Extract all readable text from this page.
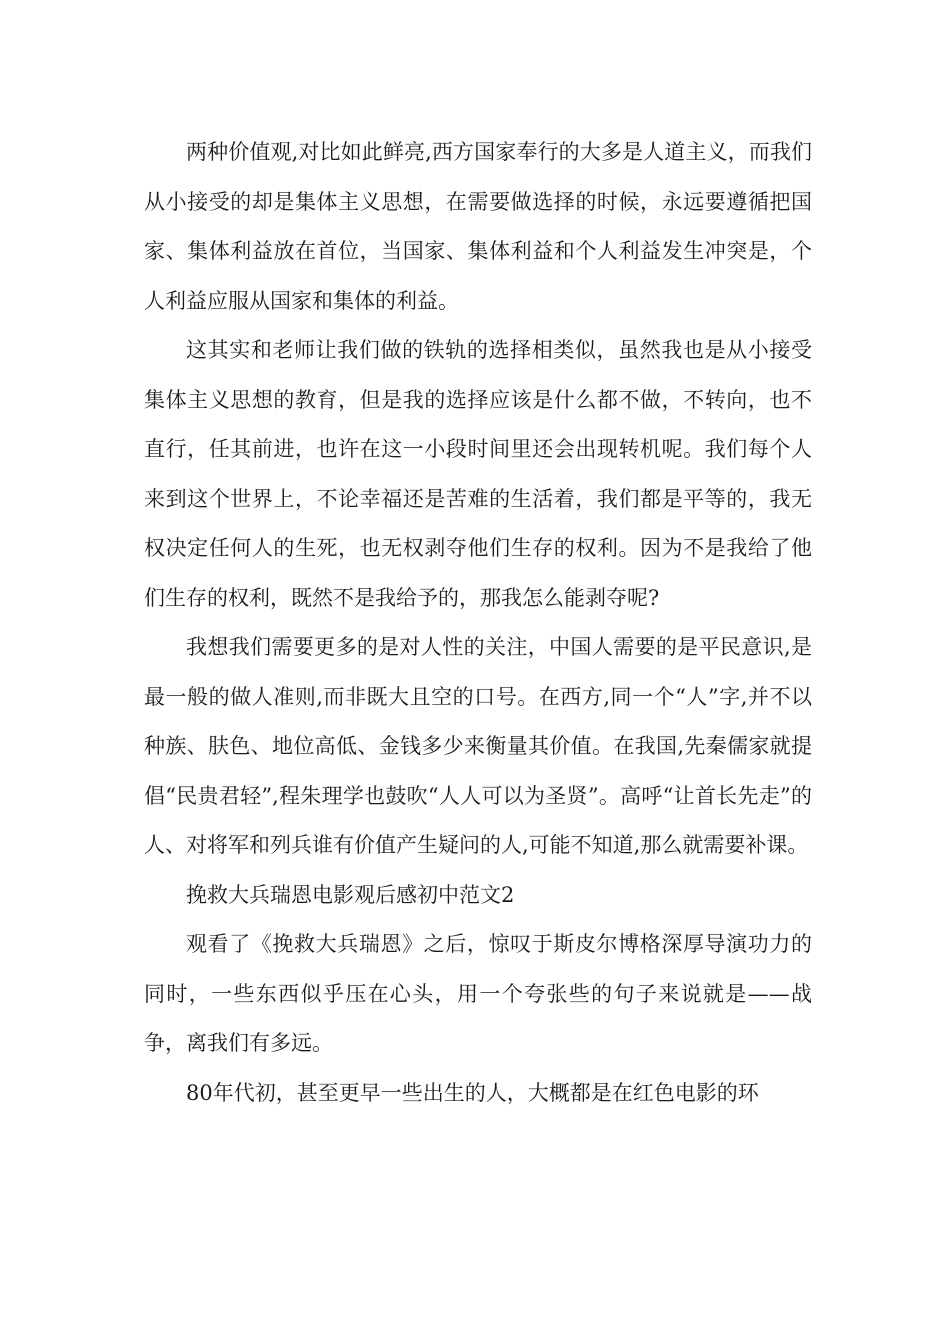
两种价值观,对比如此鲜亮,西方国家奉行的大多是人道主义，而我们从小接受的却是集体主义思想，在需要做选择的时候，永远要遵循把国家、集体利益放在首位，当国家、集体利益和个人利益发生冲突是，个人利益应服从国家和集体的利益。

这其实和老师让我们做的铁轨的选择相类似，虽然我也是从小接受集体主义思想的教育，但是我的选择应该是什么都不做，不转向，也不直行，任其前进，也许在这一小段时间里还会出现转机呢。我们每个人来到这个世界上，不论幸福还是苦难的生活着，我们都是平等的，我无权决定任何人的生死，也无权剥夺他们生存的权利。因为不是我给了他们生存的权利，既然不是我给予的，那我怎么能剥夺呢?

我想我们需要更多的是对人性的关注，中国人需要的是平民意识,是最一般的做人准则,而非既大且空的口号。在西方,同一个“人”字,并不以种族、肤色、地位高低、金钱多少来衡量其价值。在我国,先秦儒家就提倡“民贵君轻”,程朱理学也鼓吹“人人可以为圣贤”。高呼“让首长先走”的人、对将军和列兵谁有价值产生疑问的人,可能不知道,那么就需要补课。

挽救大兵瑞恩电影观后感初中范文2

观看了《挽救大兵瑞恩》之后，惊叹于斯皮尔博格深厚导演功力的同时，一些东西似乎压在心头，用一个夸张些的句子来说就是——战争，离我们有多远。

80年代初，甚至更早一些出生的人，大概都是在红色电影的环
